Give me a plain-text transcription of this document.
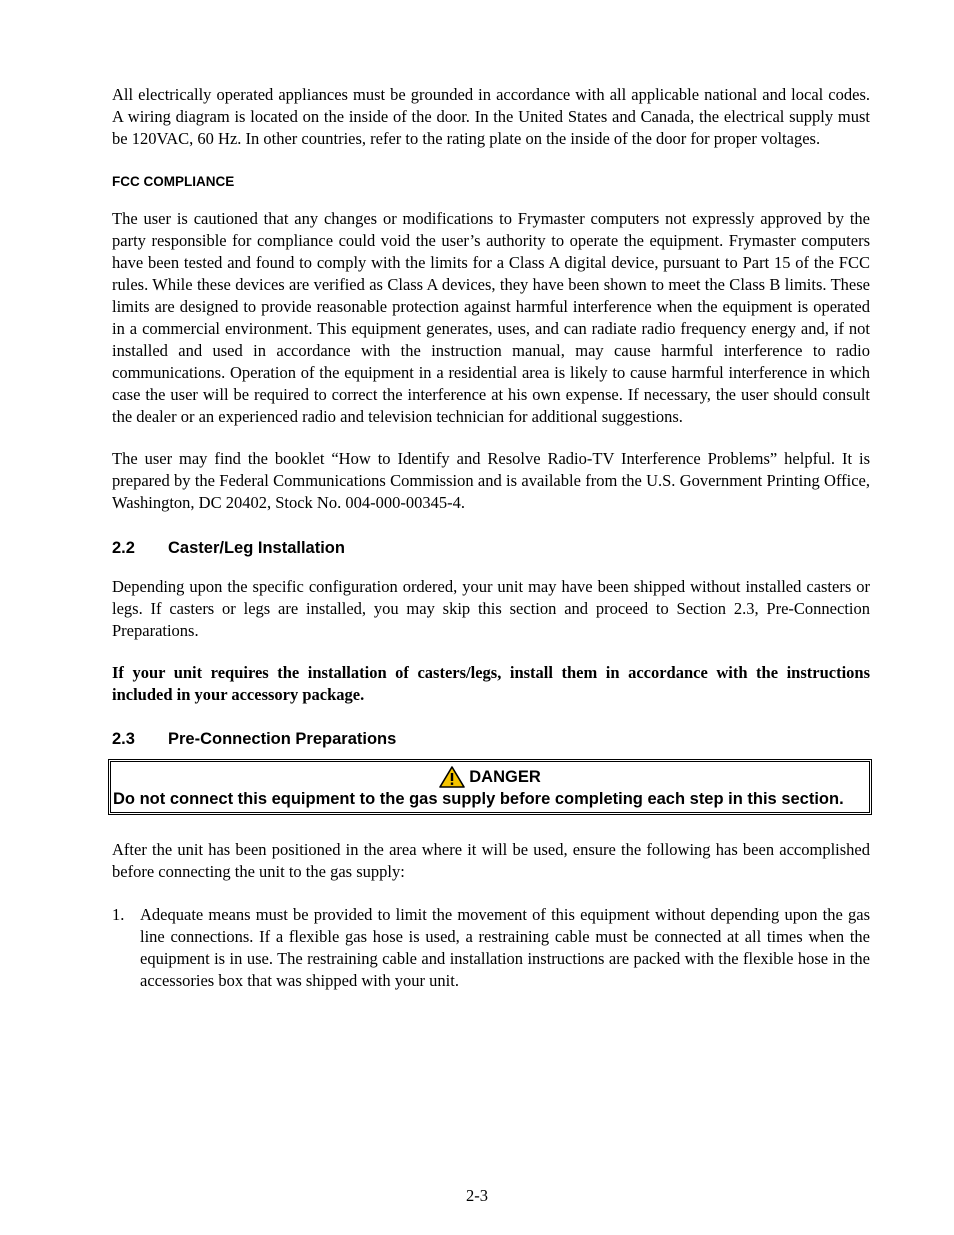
All electrically operated appliances must be grounded in accordance with all applicable national and local codes. A wiring diagram is located on the inside of the door. In the United States and Canada, the electrical supply must be 120VAC, 60 Hz. In other countries, refer to the rating plate on the inside of the door for proper voltages.

FCC COMPLIANCE

The user is cautioned that any changes or modifications to Frymaster computers not expressly approved by the party responsible for compliance could void the user’s authority to operate the equipment. Frymaster computers have been tested and found to comply with the limits for a Class A digital device, pursuant to Part 15 of the FCC rules. While these devices are verified as Class A devices, they have been shown to meet the Class B limits. These limits are designed to provide reasonable protection against harmful interference when the equipment is operated in a commercial environment. This equipment generates, uses, and can radiate radio frequency energy and, if not installed and used in accordance with the instruction manual, may cause harmful interference to radio communications. Operation of the equipment in a residential area is likely to cause harmful interference in which case the user will be required to correct the interference at his own expense. If necessary, the user should consult the dealer or an experienced radio and television technician for additional suggestions.

The user may find the booklet “How to Identify and Resolve Radio-TV Interference Problems” helpful. It is prepared by the Federal Communications Commission and is available from the U.S. Government Printing Office, Washington, DC 20402, Stock No. 004-000-00345-4.

2.2	Caster/Leg Installation

Depending upon the specific configuration ordered, your unit may have been shipped without installed casters or legs. If casters or legs are installed, you may skip this section and proceed to Section 2.3, Pre-Connection Preparations.

If your unit requires the installation of casters/legs, install them in accordance with the instructions included in your accessory package.

2.3	Pre-Connection Preparations
DANGER
Do not connect this equipment to the gas supply before completing each step in this section.

After the unit has been positioned in the area where it will be used, ensure the following has been accomplished before connecting the unit to the gas supply:

1. Adequate means must be provided to limit the movement of this equipment without depending upon the gas line connections. If a flexible gas hose is used, a restraining cable must be connected at all times when the equipment is in use. The restraining cable and installation instructions are packed with the flexible hose in the accessories box that was shipped with your unit.
2-3
